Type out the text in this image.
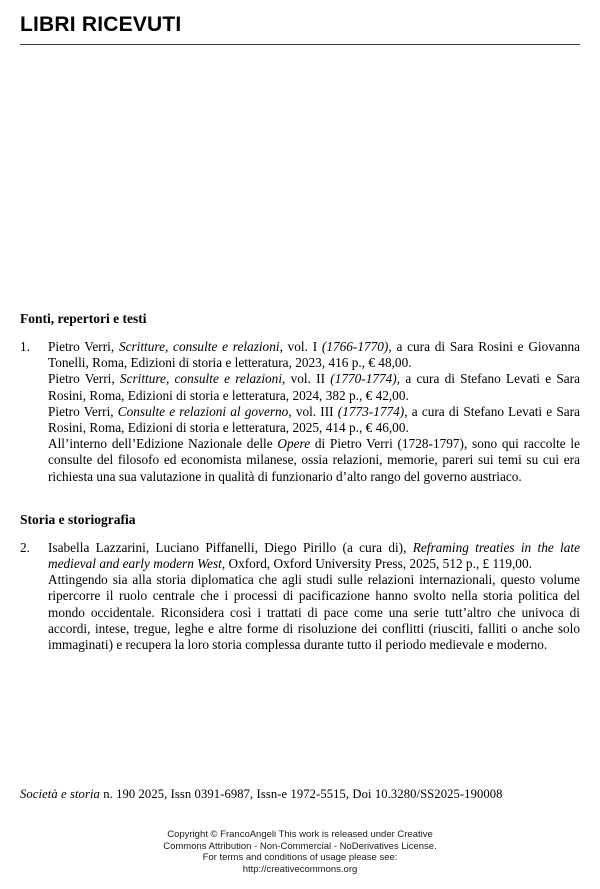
LIBRI RICEVUTI
Fonti, repertori e testi
1.	Pietro Verri, Scritture, consulte e relazioni, vol. I (1766-1770), a cura di Sara Rosini e Giovanna Tonelli, Roma, Edizioni di storia e letteratura, 2023, 416 p., € 48,00.
Pietro Verri, Scritture, consulte e relazioni, vol. II (1770-1774), a cura di Stefano Levati e Sara Rosini, Roma, Edizioni di storia e letteratura, 2024, 382 p., € 42,00.
Pietro Verri, Consulte e relazioni al governo, vol. III (1773-1774), a cura di Stefano Levati e Sara Rosini, Roma, Edizioni di storia e letteratura, 2025, 414 p., € 46,00.

All’interno dell’Edizione Nazionale delle Opere di Pietro Verri (1728-1797), sono qui raccolte le consulte del filosofo ed economista milanese, ossia relazioni, memorie, pareri sui temi su cui era richiesta una sua valutazione in qualità di funzionario d’alto rango del governo austriaco.

Storia e storiografia
2.	Isabella Lazzarini, Luciano Piffanelli, Diego Pirillo (a cura di), Reframing treaties in the late medieval and early modern West, Oxford, Oxford University Press, 2025, 512 p., £ 119,00.

Attingendo sia alla storia diplomatica che agli studi sulle relazioni internazionali, questo volume ripercorre il ruolo centrale che i processi di pacificazione hanno svolto nella storia politica del mondo occidentale. Riconsidera così i trattati di pace come una serie tutt’altro che univoca di accordi, intese, tregue, leghe e altre forme di risoluzione dei conflitti (riusciti, falliti o anche solo immaginati) e recupera la loro storia complessa durante tutto il periodo medievale e moderno.

Società e storia n. 190 2025, Issn 0391-6987, Issn-e 1972-5515, Doi 10.3280/SS2025-190008
Copyright © FrancoAngeli This work is released under Creative
Commons Attribution - Non-Commercial - NoDerivatives License.
For terms and conditions of usage please see:
http://creativecommons.org
